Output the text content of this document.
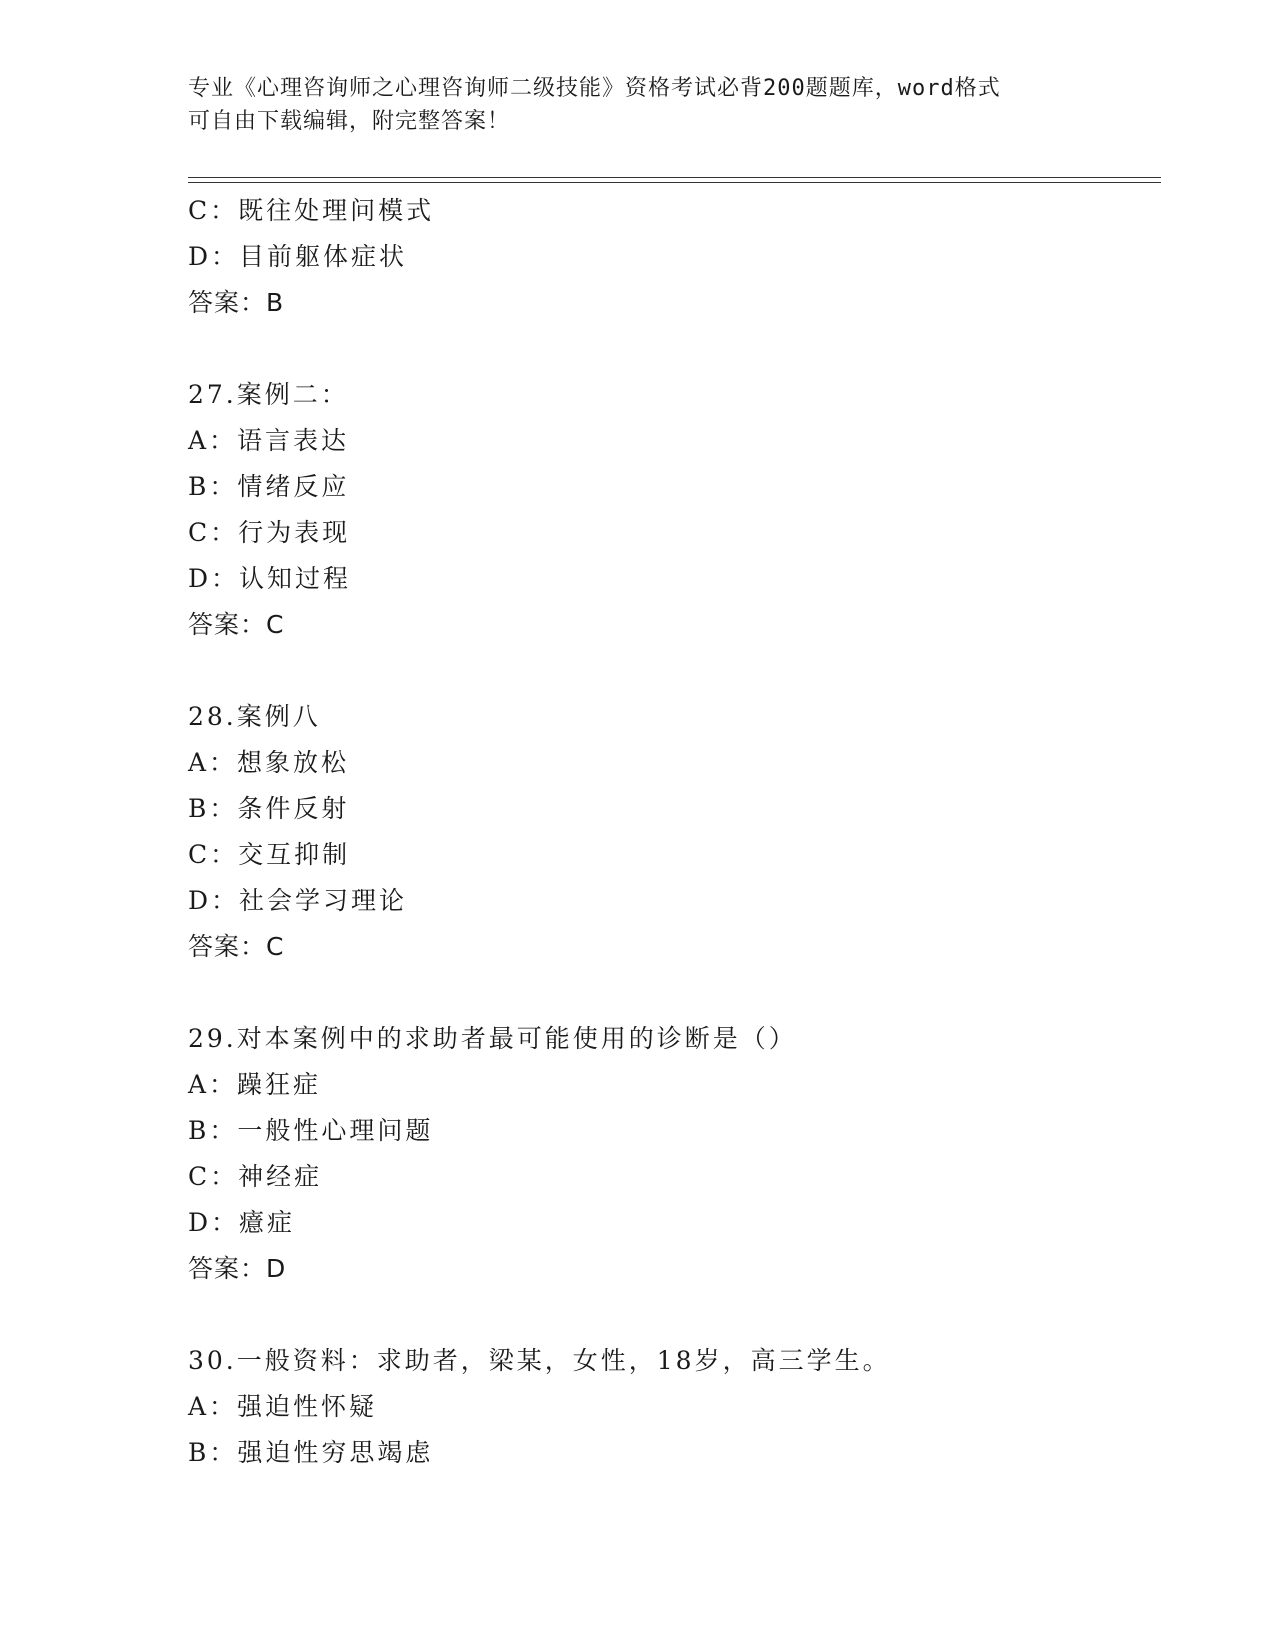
专业《心理咨询师之心理咨询师二级技能》资格考试必背200题题库，word格式
可自由下载编辑，附完整答案！
C：既往处理问模式
D：目前躯体症状
答案：B
27.案例二：
A：语言表达
B：情绪反应
C：行为表现
D：认知过程
答案：C
28.案例八
A：想象放松
B：条件反射
C：交互抑制
D：社会学习理论
答案：C
29.对本案例中的求助者最可能使用的诊断是（）
A：躁狂症
B：一般性心理问题
C：神经症
D：癔症
答案：D
30.一般资料：求助者，梁某，女性，18岁，高三学生。
A：强迫性怀疑
B：强迫性穷思竭虑
